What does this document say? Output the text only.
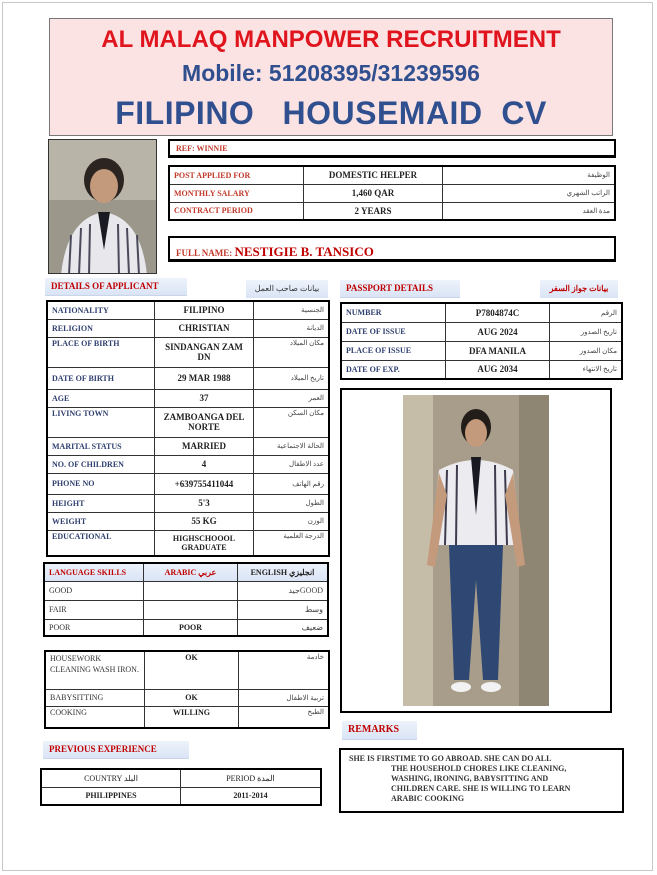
AL MALAQ MANPOWER RECRUITMENT
Mobile: 51208395/31239596
FILIPINO   HOUSEMAID  CV
REF: WINNIE
POST APPLIED FOR	DOMESTIC HELPER	الوظيفة
MONTHLY SALARY	1,460 QAR	الراتب الشهري
CONTRACT PERIOD	2 YEARS	مدة العقد
FULL NAME: NESTIGIE B. TANSICO
DETAILS OF APPLICANT	بيانات صاحب العمل
NATIONALITY	FILIPINO	الجنسية
RELIGION	CHRISTIAN	الديانة
PLACE OF BIRTH	SINDANGAN ZAM DN	مكان الميلاد
DATE OF BIRTH	29 MAR 1988	تاريخ الميلاد
AGE	37	العمر
LIVING TOWN	ZAMBOANGA DEL NORTE	مكان السكن
MARITAL STATUS	MARRIED	الحالة الاجتماعية
NO. OF CHILDREN	4	عدد الاطفال
PHONE NO	+639755411044	رقم الهاتف
HEIGHT	5'3	الطول
WEIGHT	55 KG	الوزن
EDUCATIONAL	HIGHSCHOOOL GRADUATE	الدرجة العلمية
PASSPORT DETAILS	بيانات جواز السفر
NUMBER	P7804874C	الرقم
DATE OF ISSUE	AUG 2024	تاريخ الصدور
PLACE OF ISSUE	DFA MANILA	مكان الصدور
DATE OF EXP.	AUG 2034	تاريخ الانتهاء
LANGUAGE SKILLS	ARABIC عربي	ENGLISH انجليزي
GOOD		جيدGOOD
FAIR		وسط
POOR	POOR	ضعيف
HOUSEWORK CLEANING WASH IRON.	OK	خادمة
BABYSITTING	OK	تربية الاطفال
COOKING	WILLING	الطبخ
PREVIOUS EXPERIENCE
COUNTRY البلد	PERIOD المدة
PHILIPPINES	2011-2014
REMARKS
SHE IS FIRSTIME TO GO ABROAD. SHE CAN DO ALL
THE HOUSEHOLD CHORES LIKE CLEANING,
WASHING, IRONING, BABYSITTING AND
CHILDREN CARE. SHE IS WILLING TO LEARN
ARABIC COOKING
